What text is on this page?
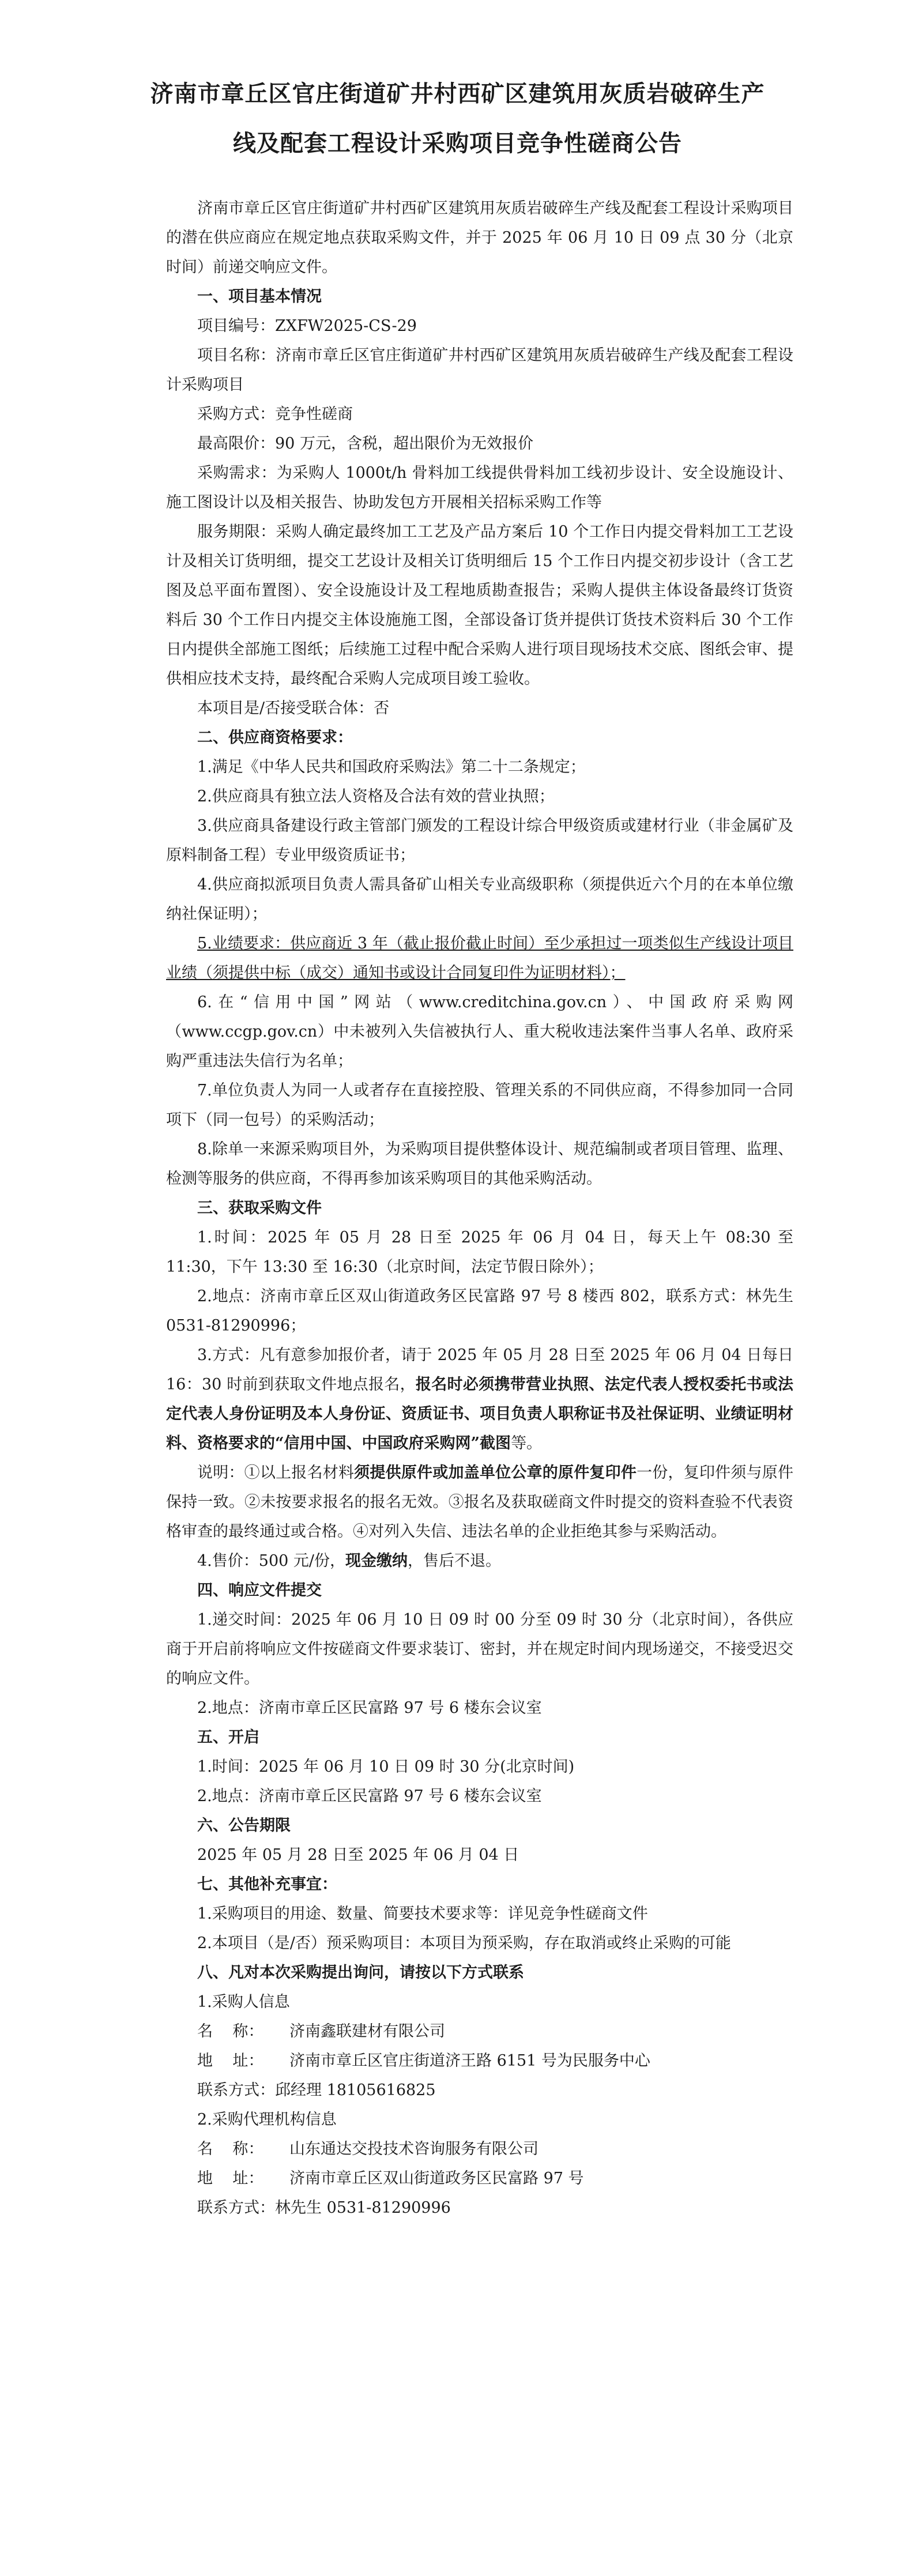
济南市章丘区官庄街道矿井村西矿区建筑用灰质岩破碎生产
线及配套工程设计采购项目竞争性磋商公告

济南市章丘区官庄街道矿井村西矿区建筑用灰质岩破碎生产线及配套工程设计采购项目的潜在供应商应在规定地点获取采购文件，并于 2025 年 06 月 10 日 09 点 30 分（北京时间）前递交响应文件。

一、项目基本情况

项目编号：ZXFW2025-CS-29

项目名称：济南市章丘区官庄街道矿井村西矿区建筑用灰质岩破碎生产线及配套工程设计采购项目

采购方式：竞争性磋商

最高限价：90 万元，含税，超出限价为无效报价

采购需求：为采购人 1000t/h 骨料加工线提供骨料加工线初步设计、安全设施设计、施工图设计以及相关报告、协助发包方开展相关招标采购工作等

服务期限：采购人确定最终加工工艺及产品方案后 10 个工作日内提交骨料加工工艺设计及相关订货明细，提交工艺设计及相关订货明细后 15 个工作日内提交初步设计（含工艺图及总平面布置图）、安全设施设计及工程地质勘查报告；采购人提供主体设备最终订货资料后 30 个工作日内提交主体设施施工图，全部设备订货并提供订货技术资料后 30 个工作日内提供全部施工图纸；后续施工过程中配合采购人进行项目现场技术交底、图纸会审、提供相应技术支持，最终配合采购人完成项目竣工验收。

本项目是/否接受联合体：否

二、供应商资格要求：

1.满足《中华人民共和国政府采购法》第二十二条规定；

2.供应商具有独立法人资格及合法有效的营业执照；

3.供应商具备建设行政主管部门颁发的工程设计综合甲级资质或建材行业（非金属矿及原料制备工程）专业甲级资质证书；

4.供应商拟派项目负责人需具备矿山相关专业高级职称（须提供近六个月的在本单位缴纳社保证明）；

5.业绩要求：供应商近 3 年（截止报价截止时间）至少承担过一项类似生产线设计项目业绩（须提供中标（成交）通知书或设计合同复印件为证明材料）；

6.在“信用中国”网站（www.creditchina.gov.cn）、中国政府采购网（www.ccgp.gov.cn）中未被列入失信被执行人、重大税收违法案件当事人名单、政府采购严重违法失信行为名单；

7.单位负责人为同一人或者存在直接控股、管理关系的不同供应商，不得参加同一合同项下（同一包号）的采购活动；

8.除单一来源采购项目外，为采购项目提供整体设计、规范编制或者项目管理、监理、检测等服务的供应商，不得再参加该采购项目的其他采购活动。

三、获取采购文件

1.时间：2025 年 05 月 28 日至 2025 年 06 月 04 日，每天上午 08:30 至 11:30，下午 13:30 至 16:30（北京时间，法定节假日除外）；

2.地点：济南市章丘区双山街道政务区民富路 97 号 8 楼西 802，联系方式：林先生 0531-81290996；

3.方式：凡有意参加报价者，请于 2025 年 05 月 28 日至 2025 年 06 月 04 日每日 16：30 时前到获取文件地点报名，报名时必须携带营业执照、法定代表人授权委托书或法定代表人身份证明及本人身份证、资质证书、项目负责人职称证书及社保证明、业绩证明材料、资格要求的“信用中国、中国政府采购网”截图等。

说明：①以上报名材料须提供原件或加盖单位公章的原件复印件一份，复印件须与原件保持一致。②未按要求报名的报名无效。③报名及获取磋商文件时提交的资料查验不代表资格审查的最终通过或合格。④对列入失信、违法名单的企业拒绝其参与采购活动。

4.售价：500 元/份，现金缴纳，售后不退。

四、响应文件提交

1.递交时间：2025 年 06 月 10 日 09 时 00 分至 09 时 30 分（北京时间），各供应商于开启前将响应文件按磋商文件要求装订、密封，并在规定时间内现场递交，不接受迟交的响应文件。

2.地点：济南市章丘区民富路 97 号 6 楼东会议室

五、开启

1.时间：2025 年 06 月 10 日 09 时 30 分(北京时间)

2.地点：济南市章丘区民富路 97 号 6 楼东会议室

六、公告期限

2025 年 05 月 28 日至 2025 年 06 月 04 日

七、其他补充事宜：

1.采购项目的用途、数量、简要技术要求等：详见竞争性磋商文件

2.本项目（是/否）预采购项目：本项目为预采购，存在取消或终止采购的可能

八、凡对本次采购提出询问，请按以下方式联系

1.采购人信息

名    称：	济南鑫联建材有限公司

地    址：	济南市章丘区官庄街道济王路 6151 号为民服务中心

联系方式：邱经理 18105616825

2.采购代理机构信息

名    称：	山东通达交投技术咨询服务有限公司

地    址：	济南市章丘区双山街道政务区民富路 97 号

联系方式：林先生 0531-81290996
